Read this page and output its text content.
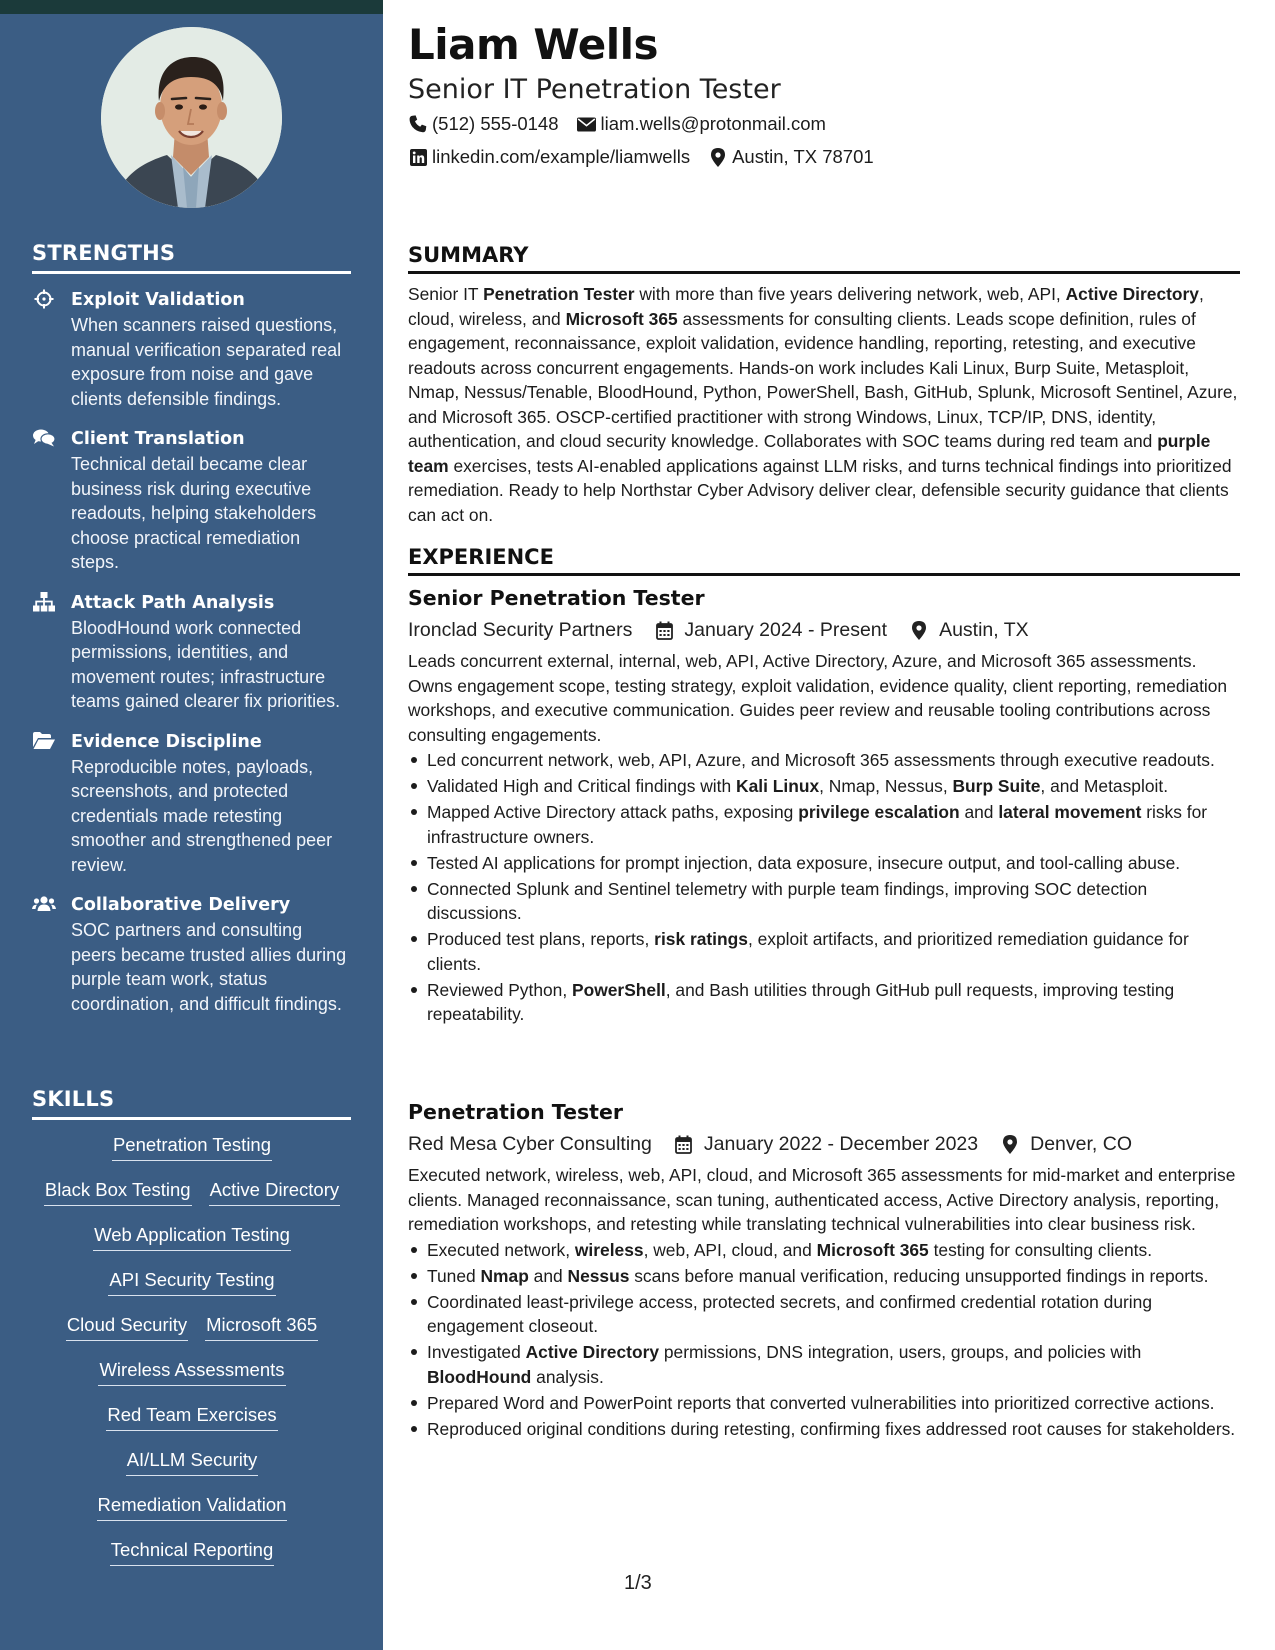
STRENGTHS
Exploit Validation
When scanners raised questions, manual verification separated real exposure from noise and gave clients defensible findings.
Client Translation
Technical detail became clear business risk during executive readouts, helping stakeholders choose practical remediation steps.
Attack Path Analysis
BloodHound work connected permissions, identities, and movement routes; infrastructure teams gained clearer fix priorities.
Evidence Discipline
Reproducible notes, payloads, screenshots, and protected credentials made retesting smoother and strengthened peer review.
Collaborative Delivery
SOC partners and consulting peers became trusted allies during purple team work, status coordination, and difficult findings.
SKILLS
Penetration Testing
Black Box Testing Active Directory
Web Application Testing
API Security Testing
Cloud Security Microsoft 365
Wireless Assessments
Red Team Exercises
AI/LLM Security
Remediation Validation
Technical Reporting
Liam Wells
Senior IT Penetration Tester
(512) 555-0148 liam.wells@protonmail.com
linkedin.com/example/liamwells Austin, TX 78701
SUMMARY
Senior IT Penetration Tester with more than five years delivering network, web, API, Active Directory, cloud, wireless, and Microsoft 365 assessments for consulting clients. Leads scope definition, rules of engagement, reconnaissance, exploit validation, evidence handling, reporting, retesting, and executive readouts across concurrent engagements. Hands-on work includes Kali Linux, Burp Suite, Metasploit, Nmap, Nessus/Tenable, BloodHound, Python, PowerShell, Bash, GitHub, Splunk, Microsoft Sentinel, Azure, and Microsoft 365. OSCP-certified practitioner with strong Windows, Linux, TCP/IP, DNS, identity, authentication, and cloud security knowledge. Collaborates with SOC teams during red team and purple team exercises, tests AI-enabled applications against LLM risks, and turns technical findings into prioritized remediation. Ready to help Northstar Cyber Advisory deliver clear, defensible security guidance that clients can act on.
EXPERIENCE
Senior Penetration Tester
Ironclad Security Partners	January 2024 - Present	Austin, TX
Leads concurrent external, internal, web, API, Active Directory, Azure, and Microsoft 365 assessments. Owns engagement scope, testing strategy, exploit validation, evidence quality, client reporting, remediation workshops, and executive communication. Guides peer review and reusable tooling contributions across consulting engagements.
Led concurrent network, web, API, Azure, and Microsoft 365 assessments through executive readouts.
Validated High and Critical findings with Kali Linux, Nmap, Nessus, Burp Suite, and Metasploit.
Mapped Active Directory attack paths, exposing privilege escalation and lateral movement risks for infrastructure owners.
Tested AI applications for prompt injection, data exposure, insecure output, and tool-calling abuse.
Connected Splunk and Sentinel telemetry with purple team findings, improving SOC detection discussions.
Produced test plans, reports, risk ratings, exploit artifacts, and prioritized remediation guidance for clients.
Reviewed Python, PowerShell, and Bash utilities through GitHub pull requests, improving testing repeatability.
Penetration Tester
Red Mesa Cyber Consulting	January 2022 - December 2023	Denver, CO
Executed network, wireless, web, API, cloud, and Microsoft 365 assessments for mid-market and enterprise clients. Managed reconnaissance, scan tuning, authenticated access, Active Directory analysis, reporting, remediation workshops, and retesting while translating technical vulnerabilities into clear business risk.
Executed network, wireless, web, API, cloud, and Microsoft 365 testing for consulting clients.
Tuned Nmap and Nessus scans before manual verification, reducing unsupported findings in reports.
Coordinated least-privilege access, protected secrets, and confirmed credential rotation during engagement closeout.
Investigated Active Directory permissions, DNS integration, users, groups, and policies with BloodHound analysis.
Prepared Word and PowerPoint reports that converted vulnerabilities into prioritized corrective actions.
Reproduced original conditions during retesting, confirming fixes addressed root causes for stakeholders.
1/3
